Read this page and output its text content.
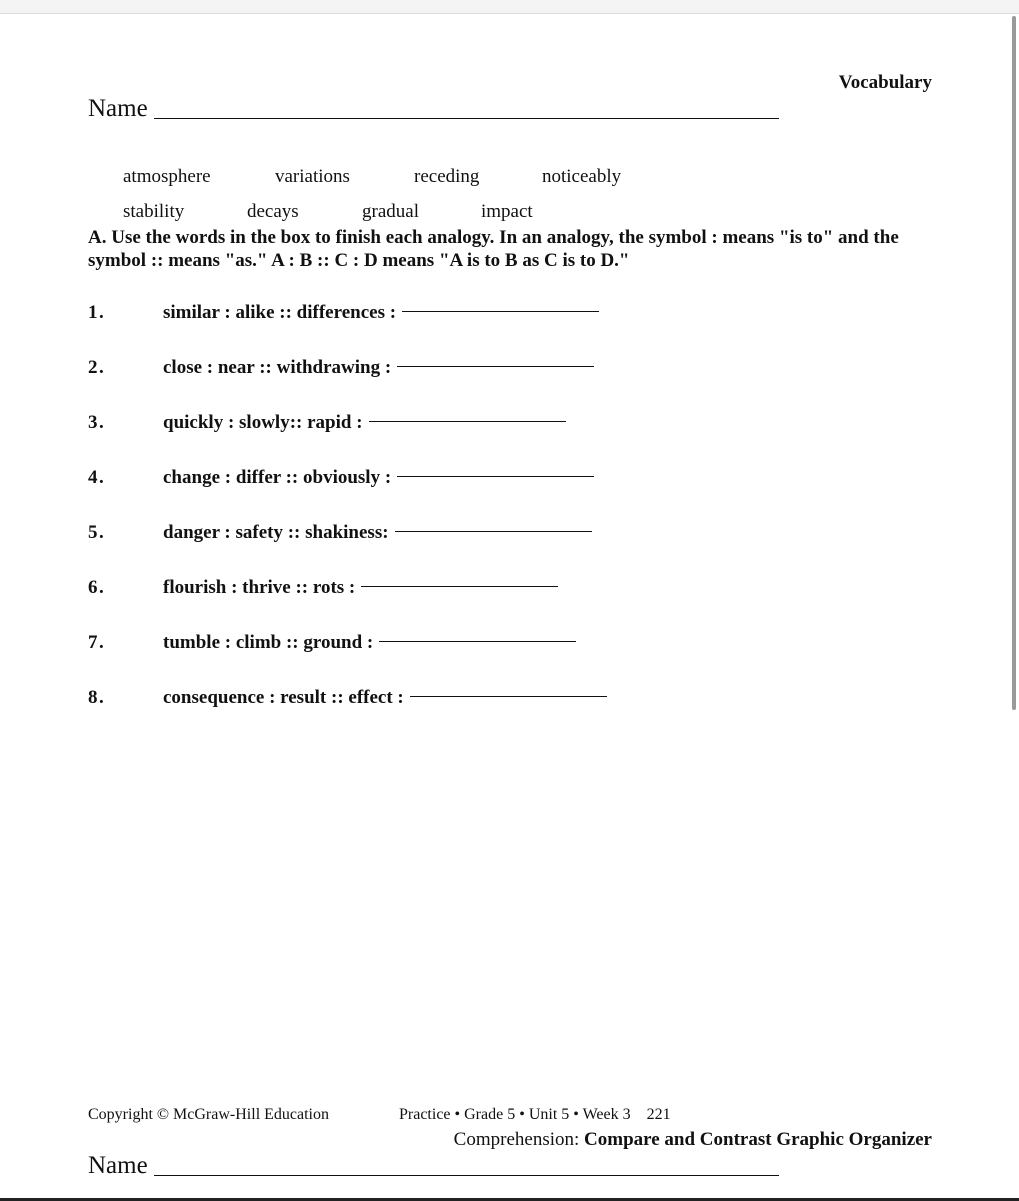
Vocabulary
Name
atmosphere	variations	receding	noticeably
stability	decays	gradual	impact
A. Use the words in the box to finish each analogy. In an analogy, the symbol : means "is to" and the symbol :: means "as." A : B :: C : D means "A is to B as C is to D."
1 .	similar : alike :: differences :
2 .	close : near :: withdrawing :
3 .	quickly : slowly:: rapid :
4 .	change : differ :: obviously :
5 .	danger : safety :: shakiness:
6 .	flourish : thrive :: rots :
7 .	tumble : climb :: ground :
8 .	consequence : result :: effect :
Copyright © McGraw-Hill Education	Practice • Grade 5 • Unit 5 • Week 3    221
Comprehension: Compare and Contrast Graphic Organizer
Name
